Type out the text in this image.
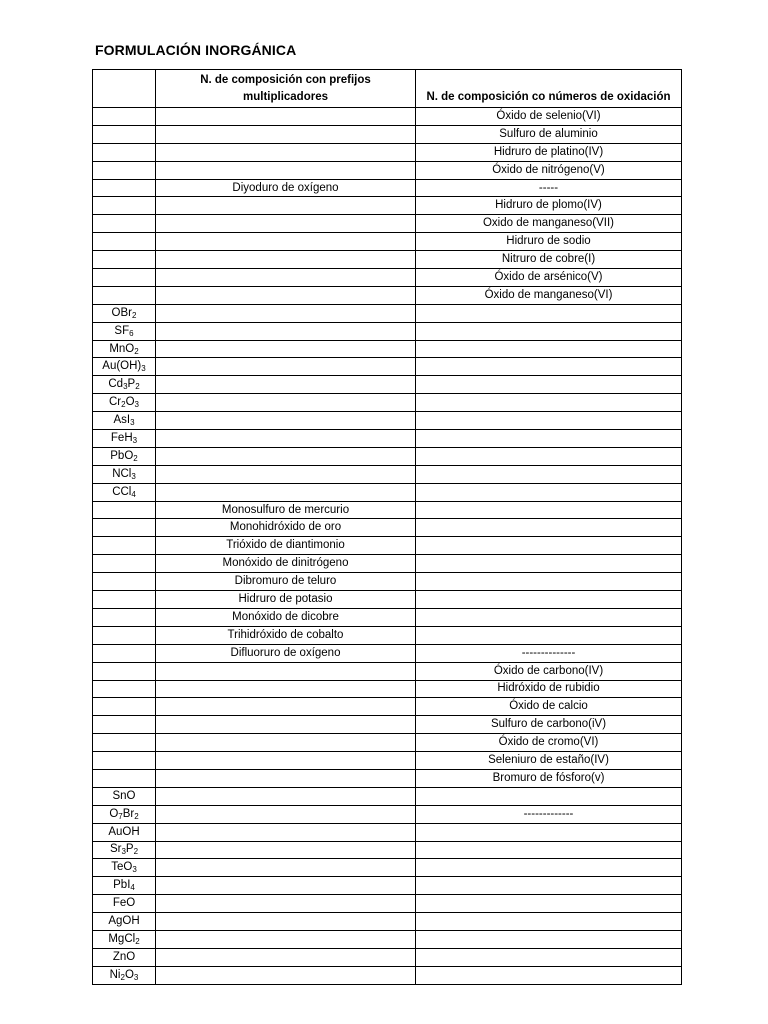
FORMULACIÓN INORGÁNICA
	N. de composición con prefijos multiplicadores	N. de composición co números de oxidación
		Óxido de selenio(VI)
		Sulfuro de aluminio
		Hidruro de platino(IV)
		Óxido de nitrógeno(V)
	Diyoduro de oxígeno	-----
		Hidruro de plomo(IV)
		Oxido de manganeso(VII)
		Hidruro de sodio
		Nitruro de cobre(I)
		Óxido de arsénico(V)
		Óxido de manganeso(VI)
OBr$_2$		
$SF_6$		
MnO$_2$		
$Au(OH)_3$		
$Cd_3P_2$		
$Cr_2O_3$		
AsI$_3$		
FeH$_3$		
PbO$_2$		
NCl$_3$		
CCl$_4$		
	Monosulfuro de mercurio	
	Monohidróxido de oro	
	Trióxido de diantimonio	
	Monóxido de dinitrógeno	
	Dibromuro de teluro	
	Hidruro de potasio	
	Monóxido de dicobre	
	Trihidróxido de cobalto	
	Difluoruro de oxígeno	--------------
		Óxido de carbono(IV)
		Hidróxido de rubidio
		Óxido de calcio
		Sulfuro de carbono(iV)
		Óxido de cromo(VI)
		Seleniuro de estaño(IV)
		Bromuro de fósforo(v)
SnO		
$O_7Br_2$		-------------
AuOH		
$Sr_3P_2$		
TeO$_3$		
PbI$_4$		
FeO		
AgOH		
MgCl$_2$		
ZnO		
$Ni_2O_3$		
